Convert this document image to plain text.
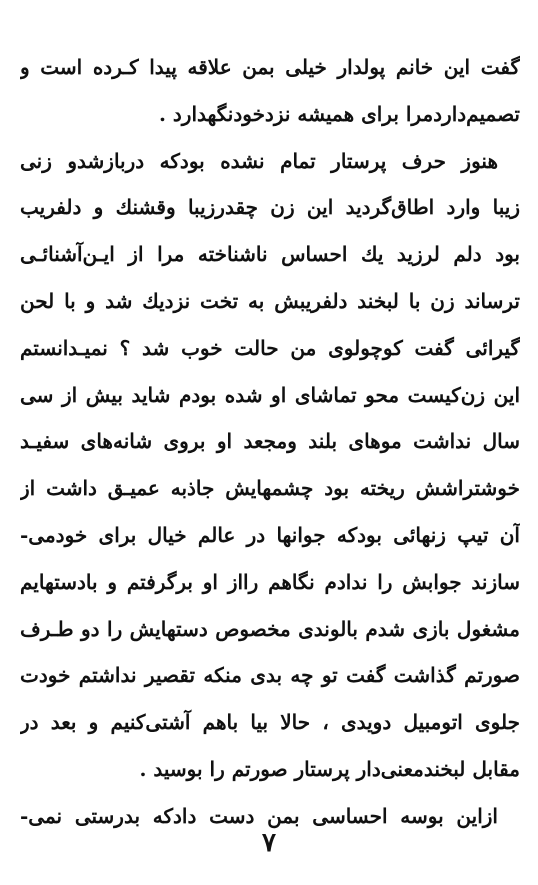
گفت این خانم پولدار خیلی بمن علاقه پیدا کـرده است و
تصمیم‌دارد‌مرا برای همیشه نزدخودنگهدارد .
هنوز حرف پرستار تمام نشده بودکه دربازشدو زنی
زیبا وارد اطاق‌گردید این زن چقدرزیبا وقشنك و دلفریب
بود دلم لرزید یك احساس ناشناخته مرا از ایـن‌آشنائـی
ترساند زن با لبخند دلفریبش به تخت نزدیك شد و با لحن
گیرائی گفت کوچولوی من حالت خوب شد ؟ نمیـدانستم
این زن‌کیست محو تماشای او شده بودم شاید بیش از سی
سال نداشت موهای بلند ومجعد او بروی شانه‌های سفیـد
خوشتراشش ریخته بود چشمهایش جاذبه عمیـق داشت از
آن تیپ زنهائی بودکه جوانها در عالم خیال برای خودمی-
سازند جوابش را ندادم نگاهم رااز او برگرفتم و بادستهایم
مشغول بازی شدم بالوندی مخصوص دستهایش را دو طـرف
صورتم گذاشت گفت تو چه بدی منکه تقصیر نداشتم خودت
جلوی اتومبیل دویدی ، حالا بیا باهم آشتی‌کنیم و بعد در
مقابل لبخندمعنی‌دار پرستار صورتم را بوسید .
ازاین بوسه احساسی بمن دست دادکه بدرستی نمی-
۷
